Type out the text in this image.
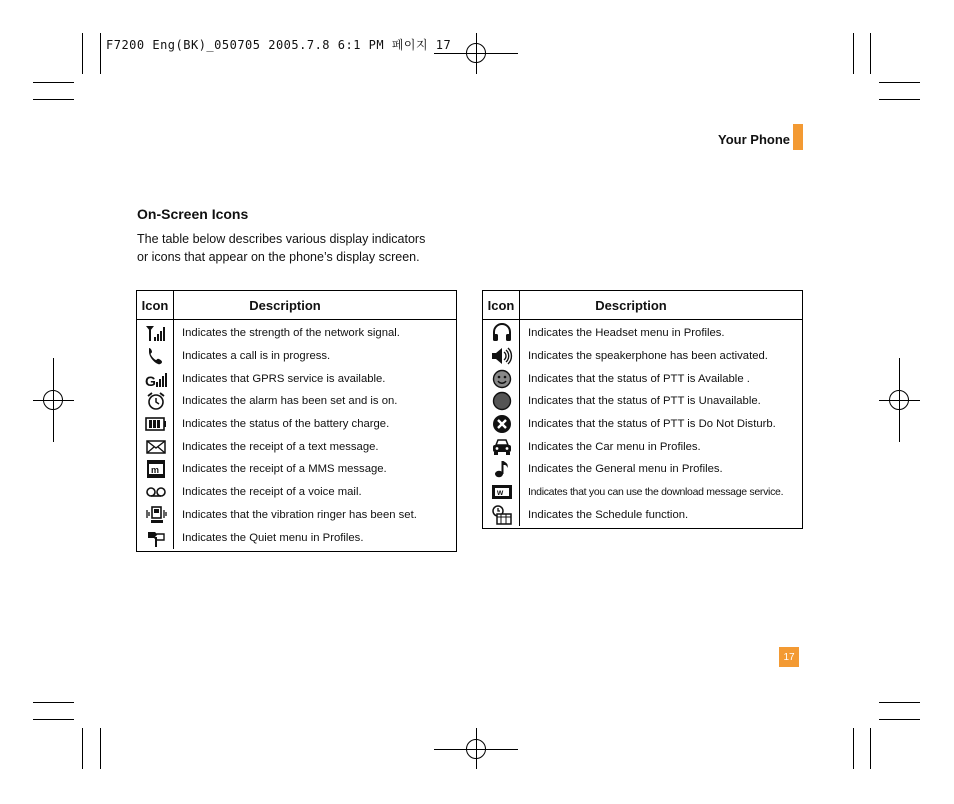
F7200 Eng(BK)_050705 2005.7.8 6:1 PM 페이지 17
Your Phone
On-Screen Icons
The table below describes various display indicators
or icons that appear on the phone’s display screen.
Icon	Description
Indicates the strength of the network signal.
Indicates a call is in progress.
G	Indicates that GPRS service is available.
Indicates the alarm has been set and is on.
Indicates the status of the battery charge.
Indicates the receipt of a text message.
m	Indicates the receipt of a MMS message.
Indicates the receipt of a voice mail.
Indicates that the vibration ringer has been set.
Indicates the Quiet menu in Profiles.
Icon	Description
Indicates the Headset menu in Profiles.
Indicates the speakerphone has been activated.
Indicates that the status of PTT is Available .
Indicates that the status of PTT is Unavailable.
Indicates that the status of PTT is Do Not Disturb.
Indicates the Car menu in Profiles.
Indicates the General menu in Profiles.
w	Indicates that you can use the download message service.
Indicates the Schedule function.
17
